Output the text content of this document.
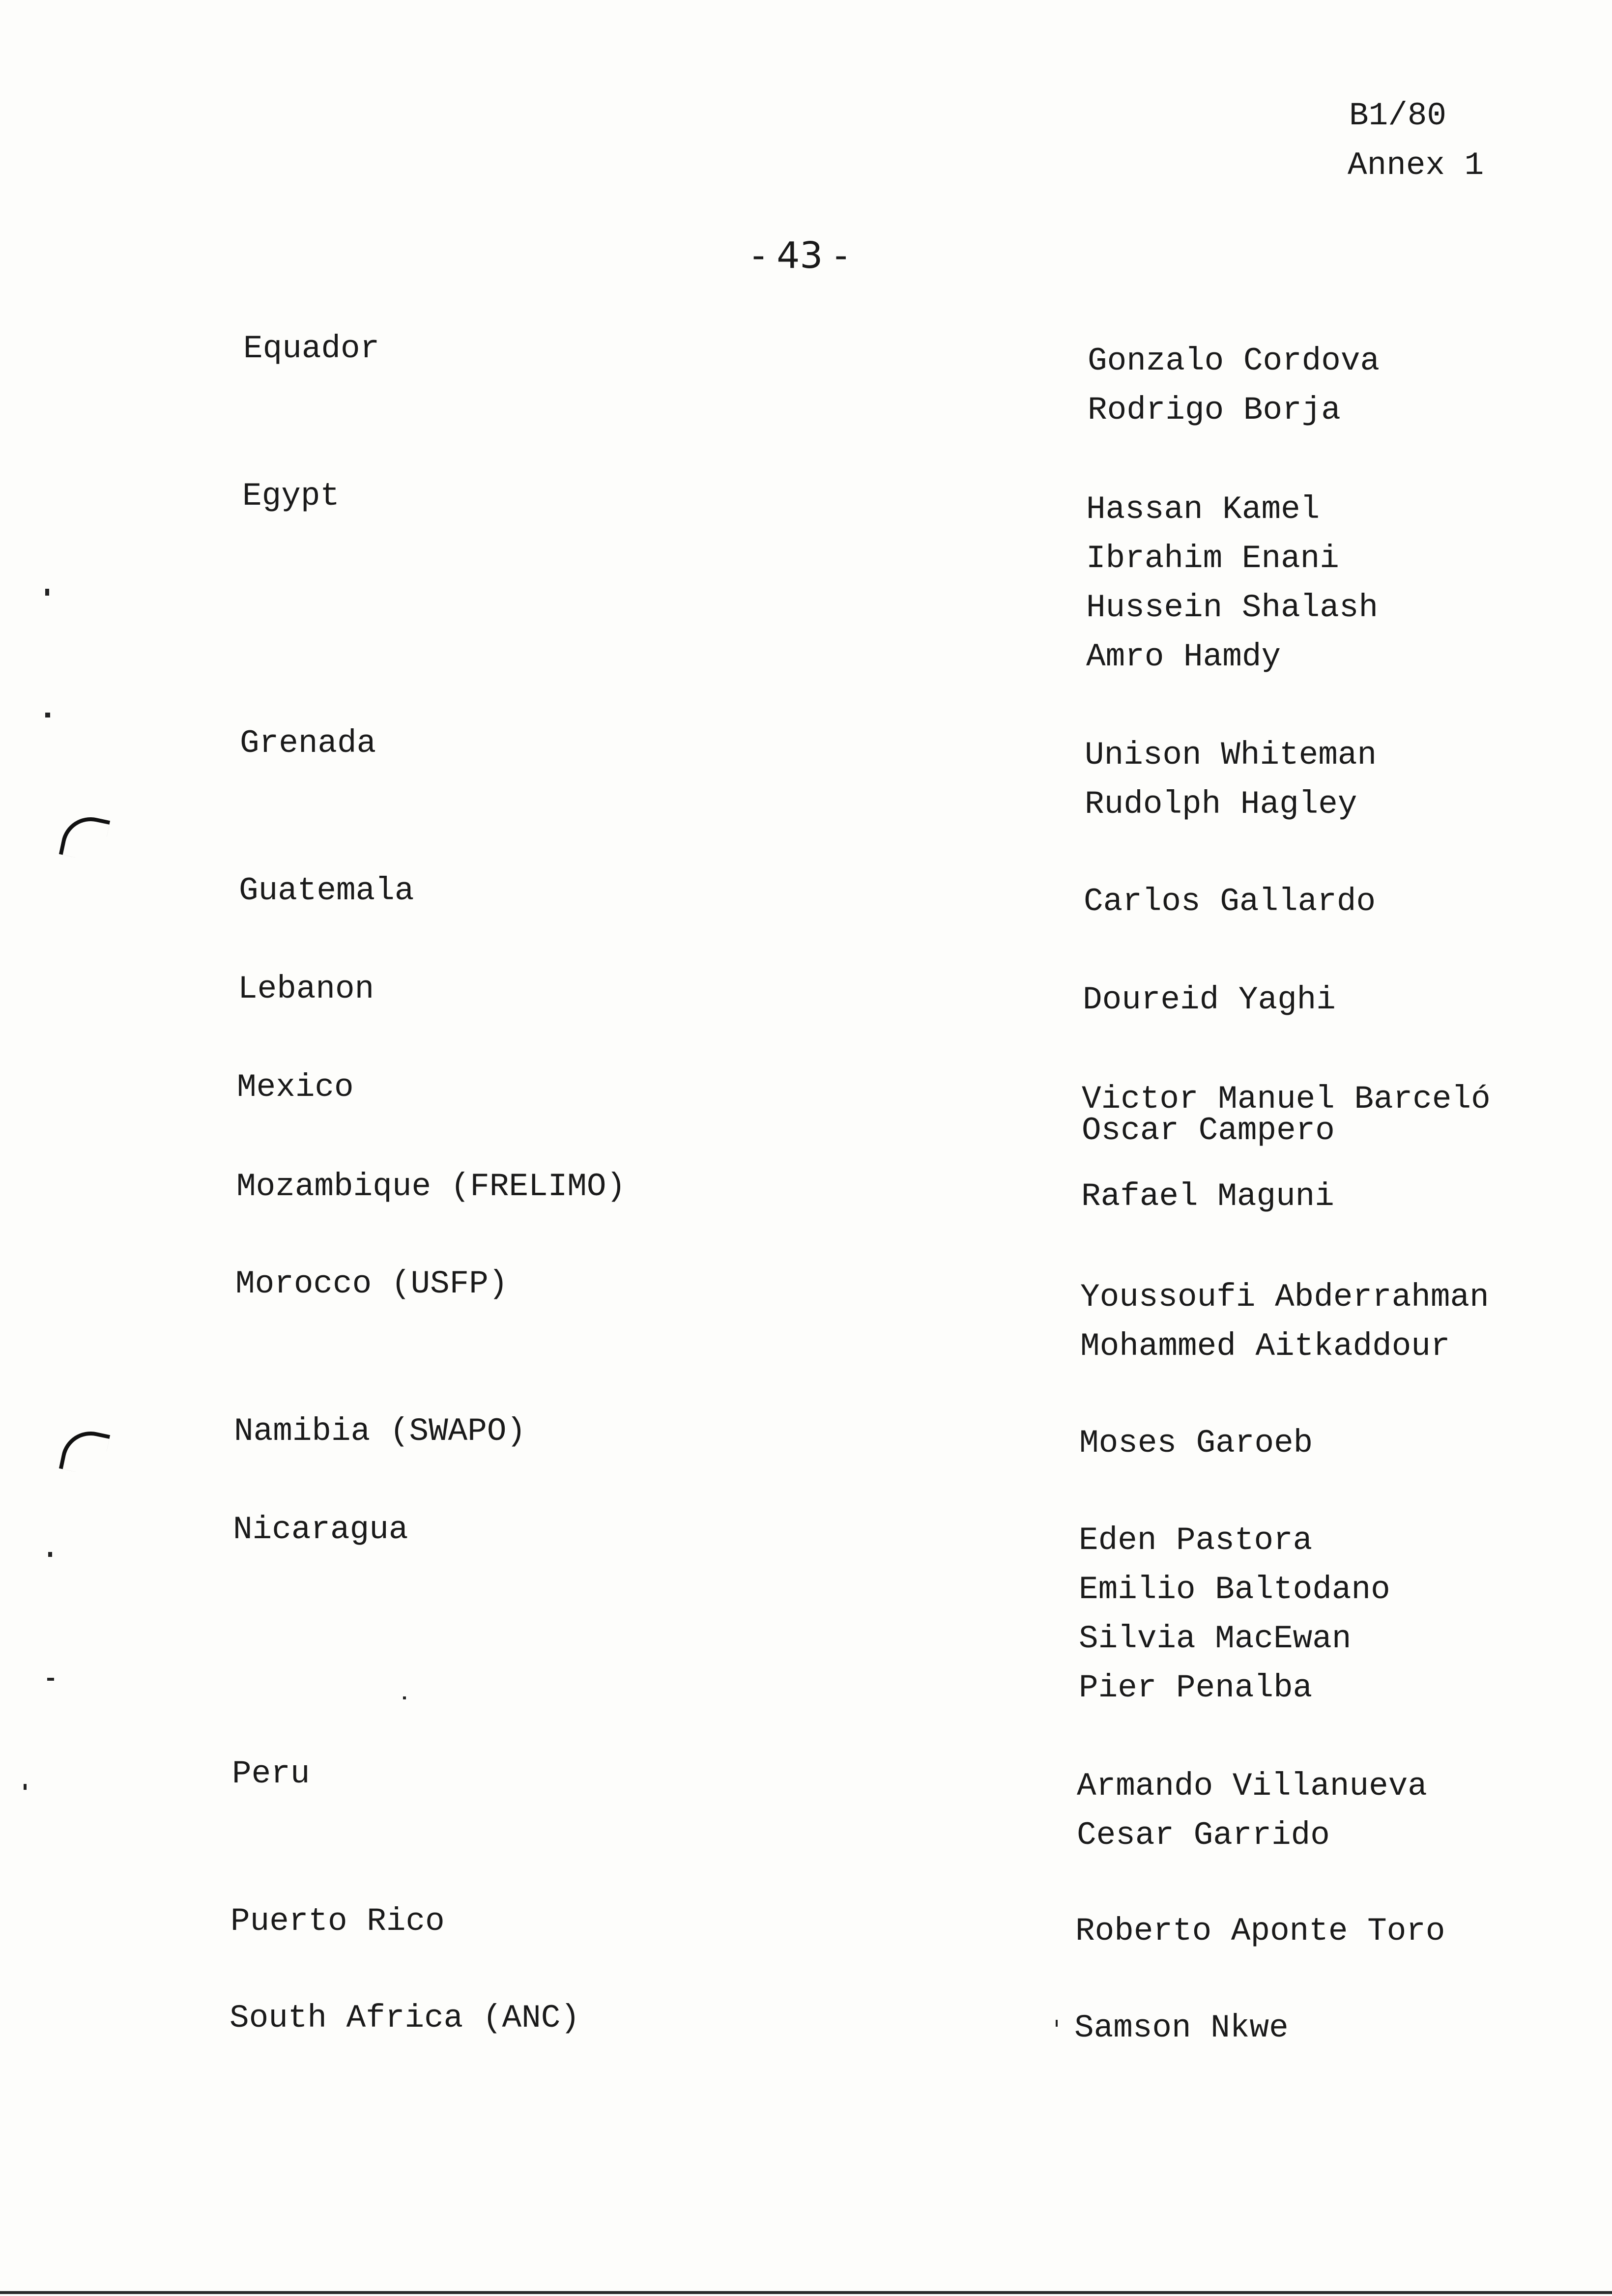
B1/80
Annex 1
- 43 -
Equador	Gonzalo Cordova
Rodrigo Borja
Egypt	Hassan Kamel
Ibrahim Enani
Hussein Shalash
Amro Hamdy
Grenada	Unison Whiteman
Rudolph Hagley
Guatemala	Carlos Gallardo
Lebanon	Doureid Yaghi
Mexico	Victor Manuel Barceló
Oscar Campero
Mozambique (FRELIMO)	Rafael Maguni
Morocco (USFP)	Youssoufi Abderrahman
Mohammed Aitkaddour
Namibia (SWAPO)	Moses Garoeb
Nicaragua	Eden Pastora
Emilio Baltodano
Silvia MacEwan
Pier Penalba
Peru	Armando Villanueva
Cesar Garrido
Puerto Rico	Roberto Aponte Toro
South Africa (ANC)	Samson Nkwe
